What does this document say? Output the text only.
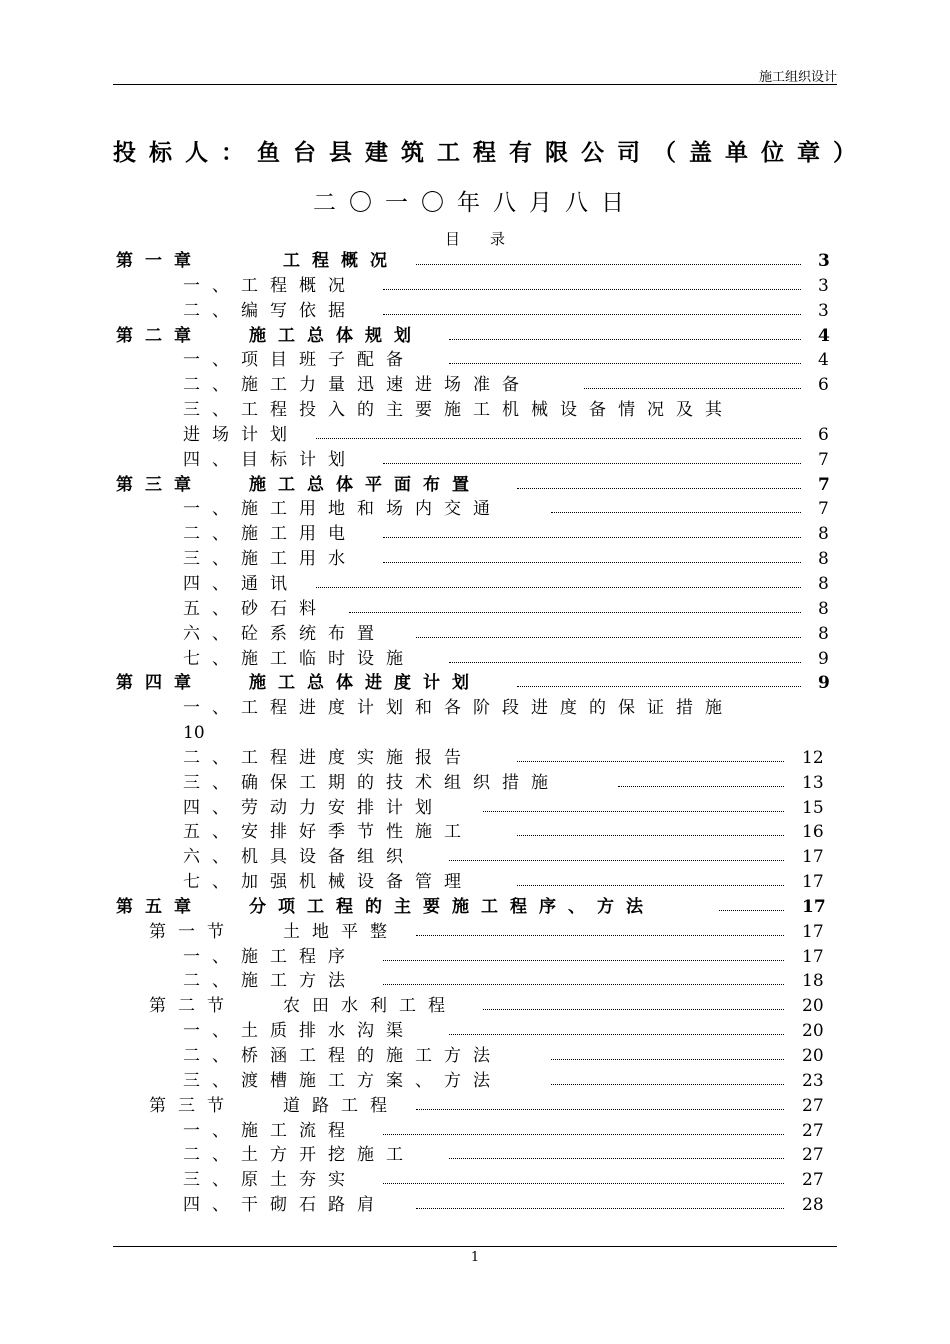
施工组织设计
投标人：鱼台县建筑工程有限公司（盖单位章）
二〇一〇年八月八日
目录
第一章	工程概况	3
一、工程概况	3
二、编写依据	3
第二章	施工总体规划	4
一、项目班子配备	4
二、施工力量迅速进场准备	6
三、工程投入的主要施工机械设备情况及其
进场计划	6
四、目标计划	7
第三章	施工总体平面布置	7
一、施工用地和场内交通	7
二、施工用电	8
三、施工用水	8
四、通讯	8
五、砂石料	8
六、砼系统布置	8
七、施工临时设施	9
第四章	施工总体进度计划	9
一、工程进度计划和各阶段进度的保证措施
10
二、工程进度实施报告	12
三、确保工期的技术组织措施	13
四、劳动力安排计划	15
五、安排好季节性施工	16
六、机具设备组织	17
七、加强机械设备管理	17
第五章	分项工程的主要施工程序、方法	17
第一节	土地平整	17
一、施工程序	17
二、施工方法	18
第二节	农田水利工程	20
一、土质排水沟渠	20
二、桥涵工程的施工方法	20
三、渡槽施工方案、方法	23
第三节	道路工程	27
一、施工流程	27
二、土方开挖施工	27
三、原土夯实	27
四、干砌石路肩	28
1
